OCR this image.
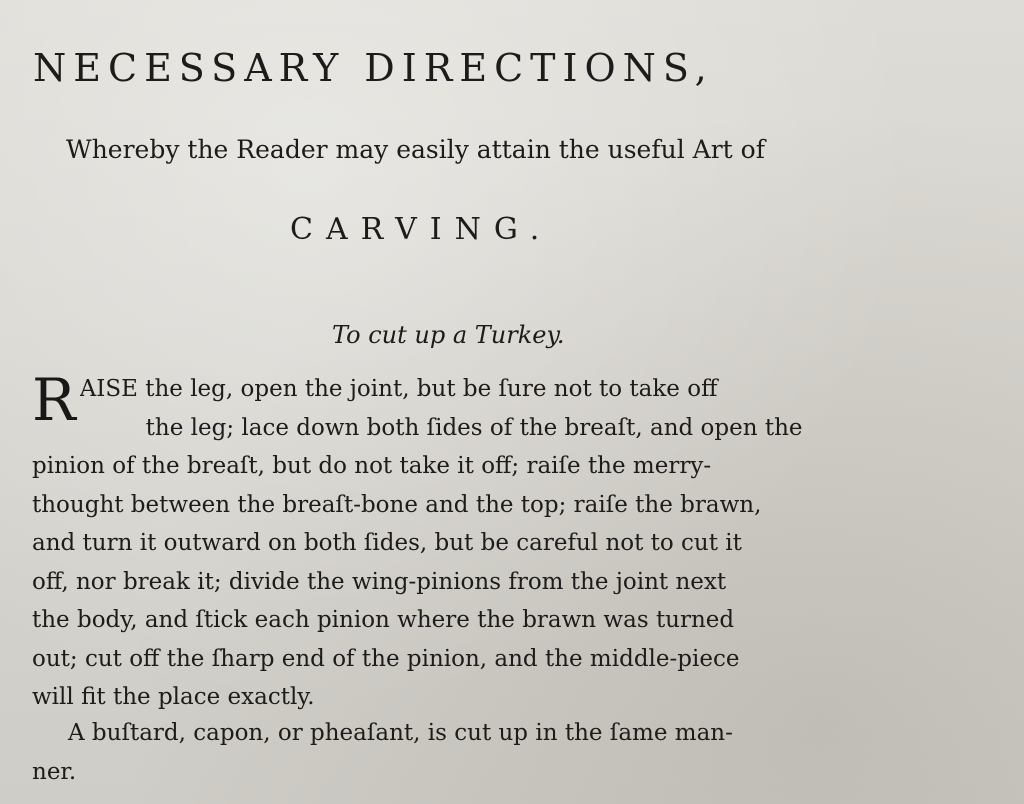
NECESSARY DIRECTIONS,
Whereby the Reader may easily attain the useful Art of
CARVING.
To cut up a Turkey.
R AISE the leg, open the joint, but be ſure not to take off
the leg; lace down both ſides of the breaſt, and open the
pinion of the breaſt, but do not take it off; raiſe the merry-
thought between the breaſt-bone and the top; raiſe the brawn,
and turn it outward on both ſides, but be careful not to cut it
off, nor break it; divide the wing-pinions from the joint next
the body, and ſtick each pinion where the brawn was turned
out; cut off the ſharp end of the pinion, and the middle-piece
will fit the place exactly.
A buſtard, capon, or pheaſant, is cut up in the ſame man-
ner.
